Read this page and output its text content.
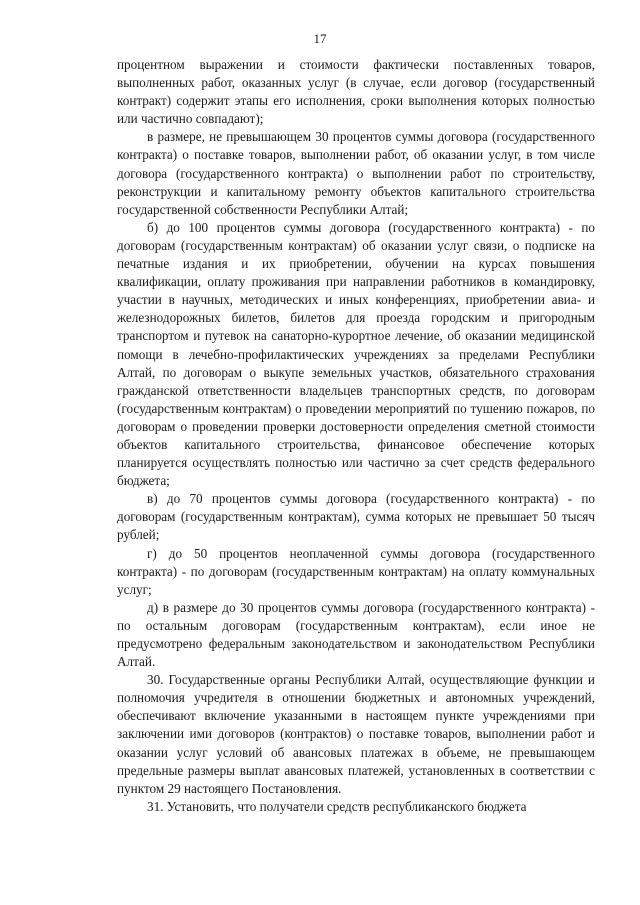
17

процентном выражении и стоимости фактически поставленных товаров, выполненных работ, оказанных услуг (в случае, если договор (государственный контракт) содержит этапы его исполнения, сроки выполнения которых полностью или частично совпадают);

в размере, не превышающем 30 процентов суммы договора (государственного контракта) о поставке товаров, выполнении работ, об оказании услуг, в том числе договора (государственного контракта) о выполнении работ по строительству, реконструкции и капитальному ремонту объектов капитального строительства государственной собственности Республики Алтай;

б) до 100 процентов суммы договора (государственного контракта) - по договорам (государственным контрактам) об оказании услуг связи, о подписке на печатные издания и их приобретении, обучении на курсах повышения квалификации, оплату проживания при направлении работников в командировку, участии в научных, методических и иных конференциях, приобретении авиа- и железнодорожных билетов, билетов для проезда городским и пригородным транспортом и путевок на санаторно-курортное лечение, об оказании медицинской помощи в лечебно-профилактических учреждениях за пределами Республики Алтай, по договорам о выкупе земельных участков, обязательного страхования гражданской ответственности владельцев транспортных средств, по договорам (государственным контрактам) о проведении мероприятий по тушению пожаров, по договорам о проведении проверки достоверности определения сметной стоимости объектов капитального строительства, финансовое обеспечение которых планируется осуществлять полностью или частично за счет средств федерального бюджета;

в) до 70 процентов суммы договора (государственного контракта) - по договорам (государственным контрактам), сумма которых не превышает 50 тысяч рублей;

г) до 50 процентов неоплаченной суммы договора (государственного контракта) - по договорам (государственным контрактам) на оплату коммунальных услуг;

д) в размере до 30 процентов суммы договора (государственного контракта) - по остальным договорам (государственным контрактам), если иное не предусмотрено федеральным законодательством и законодательством Республики Алтай.

30. Государственные органы Республики Алтай, осуществляющие функции и полномочия учредителя в отношении бюджетных и автономных учреждений, обеспечивают включение указанными в настоящем пункте учреждениями при заключении ими договоров (контрактов) о поставке товаров, выполнении работ и оказании услуг условий об авансовых платежах в объеме, не превышающем предельные размеры выплат авансовых платежей, установленных в соответствии с пунктом 29 настоящего Постановления.

31. Установить, что получатели средств республиканского бюджета
